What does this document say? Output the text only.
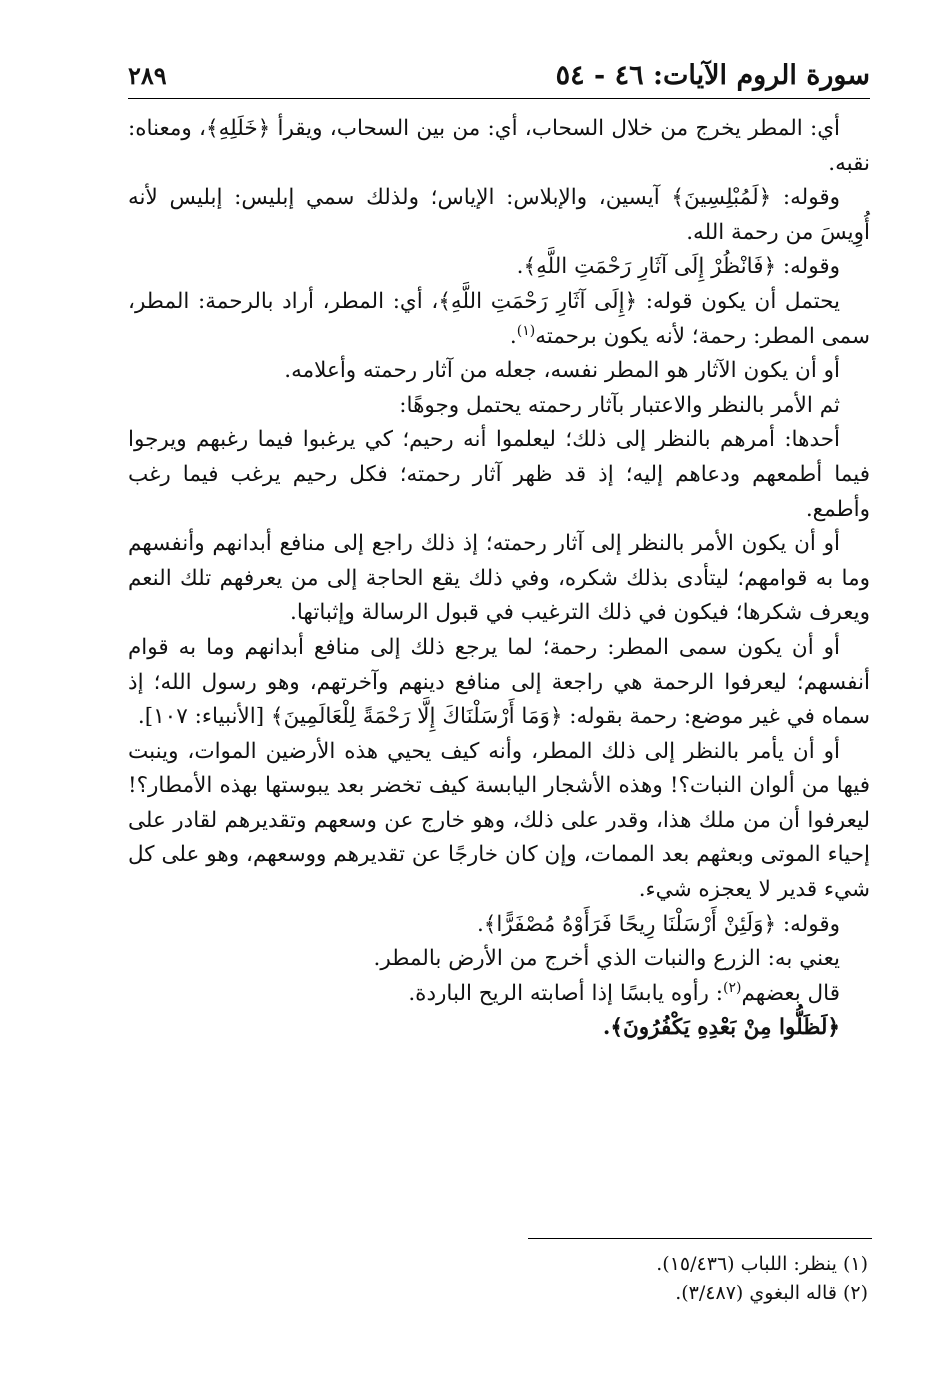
سورة الروم الآيات: ٤٦ - ٥٤
٢٨٩

أي: المطر يخرج من خلال السحاب، أي: من بين السحاب، ويقرأ ﴿خَلَلِهِ﴾، ومعناه: نقبه.

وقوله: ﴿لَمُبْلِسِينَ﴾ آيسين، والإبلاس: الإياس؛ ولذلك سمي إبليس: إبليس لأنه أُوِيسَ من رحمة الله.

وقوله: ﴿فَانْظُرْ إِلَى آثَارِ رَحْمَتِ اللَّهِ﴾.

يحتمل أن يكون قوله: ﴿إِلَى آثَارِ رَحْمَتِ اللَّهِ﴾، أي: المطر، أراد بالرحمة: المطر، سمى المطر: رحمة؛ لأنه يكون برحمته$^{(١)}$.

أو أن يكون الآثار هو المطر نفسه، جعله من آثار رحمته وأعلامه.

ثم الأمر بالنظر والاعتبار بآثار رحمته يحتمل وجوهًا:

أحدها: أمرهم بالنظر إلى ذلك؛ ليعلموا أنه رحيم؛ كي يرغبوا فيما رغبهم ويرجوا فيما أطمعهم ودعاهم إليه؛ إذ قد ظهر آثار رحمته؛ فكل رحيم يرغب فيما رغب وأطمع.

أو أن يكون الأمر بالنظر إلى آثار رحمته؛ إذ ذلك راجع إلى منافع أبدانهم وأنفسهم وما به قوامهم؛ ليتأدى بذلك شكره، وفي ذلك يقع الحاجة إلى من يعرفهم تلك النعم ويعرف شكرها؛ فيكون في ذلك الترغيب في قبول الرسالة وإثباتها.

أو أن يكون سمى المطر: رحمة؛ لما يرجع ذلك إلى منافع أبدانهم وما به قوام أنفسهم؛ ليعرفوا الرحمة هي راجعة إلى منافع دينهم وآخرتهم، وهو رسول الله؛ إذ سماه في غير موضع: رحمة بقوله: ﴿وَمَا أَرْسَلْنَاكَ إِلَّا رَحْمَةً لِلْعَالَمِينَ﴾ [الأنبياء: ١٠٧].

أو أن يأمر بالنظر إلى ذلك المطر، وأنه كيف يحيي هذه الأرضين الموات، وينبت فيها من ألوان النبات؟! وهذه الأشجار اليابسة كيف تخضر بعد يبوستها بهذه الأمطار؟! ليعرفوا أن من ملك هذا، وقدر على ذلك، وهو خارج عن وسعهم وتقديرهم لقادر على إحياء الموتى وبعثهم بعد الممات، وإن كان خارجًا عن تقديرهم ووسعهم، وهو على كل شيء قدير لا يعجزه شيء.

وقوله: ﴿وَلَئِنْ أَرْسَلْنَا رِيحًا فَرَأَوْهُ مُصْفَرًّا﴾.

يعني به: الزرع والنبات الذي أخرج من الأرض بالمطر.

قال بعضهم$^{(٢)}$: رأوه يابسًا إذا أصابته الريح الباردة.

﴿لَظَلُّوا مِنْ بَعْدِهِ يَكْفُرُونَ﴾.

(١) ينظر: اللباب (١٥/٤٣٦).

(٢) قاله البغوي (٣/٤٨٧).
